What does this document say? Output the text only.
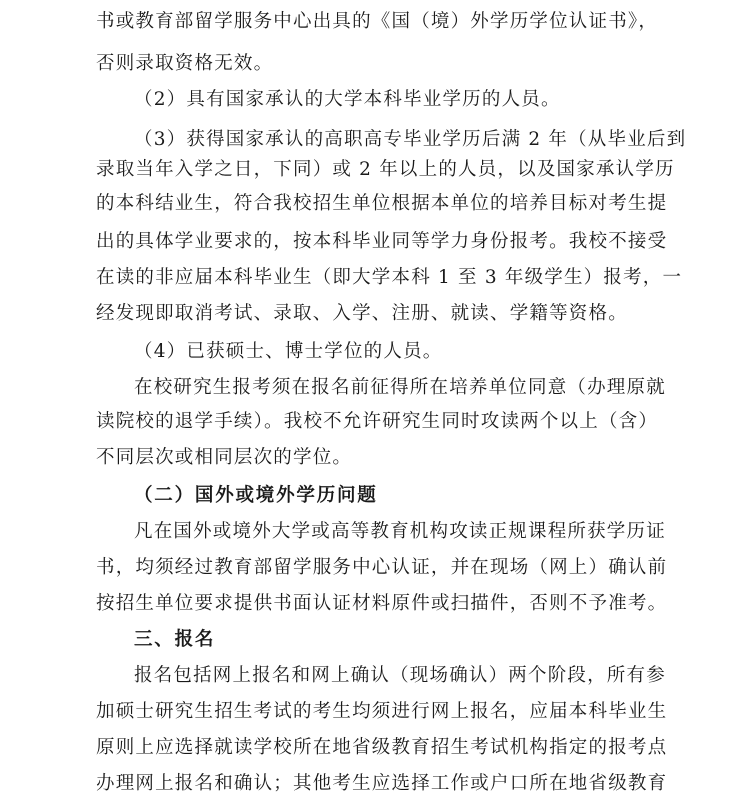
书或教育部留学服务中心出具的《国（境）外学历学位认证书》，
否则录取资格无效。
（2）具有国家承认的大学本科毕业学历的人员。
（3）获得国家承认的高职高专毕业学历后满 2 年（从毕业后到
录取当年入学之日，下同）或 2 年以上的人员，以及国家承认学历
的本科结业生，符合我校招生单位根据本单位的培养目标对考生提
出的具体学业要求的，按本科毕业同等学力身份报考。我校不接受
在读的非应届本科毕业生（即大学本科 1 至 3 年级学生）报考，一
经发现即取消考试、录取、入学、注册、就读、学籍等资格。
（4）已获硕士、博士学位的人员。
在校研究生报考须在报名前征得所在培养单位同意（办理原就
读院校的退学手续）。我校不允许研究生同时攻读两个以上（含）
不同层次或相同层次的学位。
（二）国外或境外学历问题
凡在国外或境外大学或高等教育机构攻读正规课程所获学历证
书，均须经过教育部留学服务中心认证，并在现场（网上）确认前
按招生单位要求提供书面认证材料原件或扫描件，否则不予准考。
三、报名
报名包括网上报名和网上确认（现场确认）两个阶段，所有参
加硕士研究生招生考试的考生均须进行网上报名，应届本科毕业生
原则上应选择就读学校所在地省级教育招生考试机构指定的报考点
办理网上报名和确认；其他考生应选择工作或户口所在地省级教育
